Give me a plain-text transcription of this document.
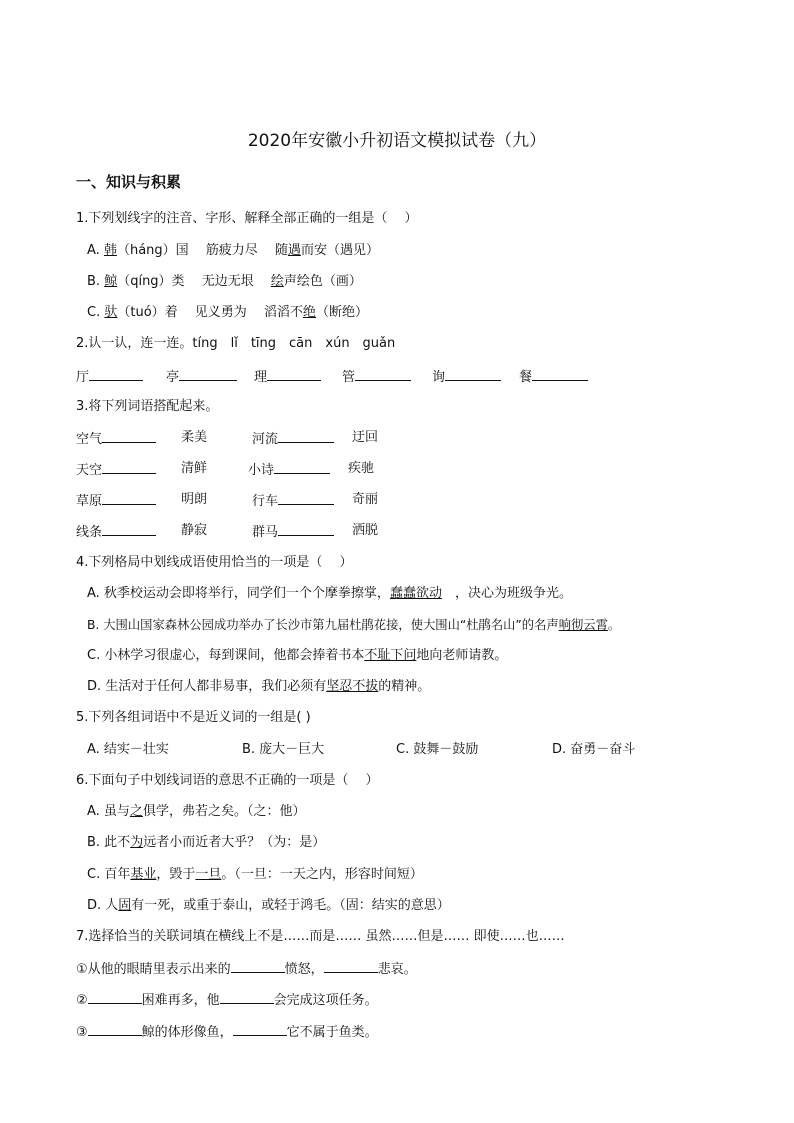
2020年安徽小升初语文模拟试卷（九）
一、知识与积累
1.下列划线字的注音、字形、解释全部正确的一组是（　 ）
A. 韩（háng）国　 筋疲力尽　 随遇而安（遇见）
B. 鲸（qíng）类　 无边无垠　 绘声绘色（画）
C. 驮（tuó）着　 见义勇为　 滔滔不绝（断绝）
2.认一认，连一连。tíng　lǐ　tīng　cān　xún　guǎn
厅	亭	理	管	询	餐
3.将下列词语搭配起来。
空气	柔美	河流	迂回
天空	清鲜	小诗	疾驰
草原	明朗	行车	奇丽
线条	静寂	群马	洒脱
4.下列格局中划线成语使用恰当的一项是（　 ）
A. 秋季校运动会即将举行，同学们一个个摩拳擦掌，蠢蠢欲动　，决心为班级争光。
B. 大围山国家森林公园成功举办了长沙市第九届杜鹃花接，使大围山“杜鹃名山”的名声响彻云霄。
C. 小林学习很虚心，每到课间，他都会捧着书本不耻下问地向老师请教。
D. 生活对于任何人都非易事，我们必须有坚忍不拔的精神。
5.下列各组词语中不是近义词的一组是( )
A. 结实－壮实	B. 庞大－巨大	C. 鼓舞－鼓励	D. 奋勇－奋斗
6.下面句子中划线词语的意思不正确的一项是（　 ）
A. 虽与之俱学，弗若之矣。（之：他）
B. 此不为远者小而近者大乎？（为：是）
C. 百年基业，毁于一旦。（一旦：一天之内，形容时间短）
D. 人固有一死，或重于泰山，或轻于鸿毛。（固：结实的意思）
7.选择恰当的关联词填在横线上不是……而是…… 虽然……但是…… 即使……也……
①从他的眼睛里表示出来的	愤怒，	悲哀。
②	困难再多，他	会完成这项任务。
③	鲸的体形像鱼，	它不属于鱼类。
